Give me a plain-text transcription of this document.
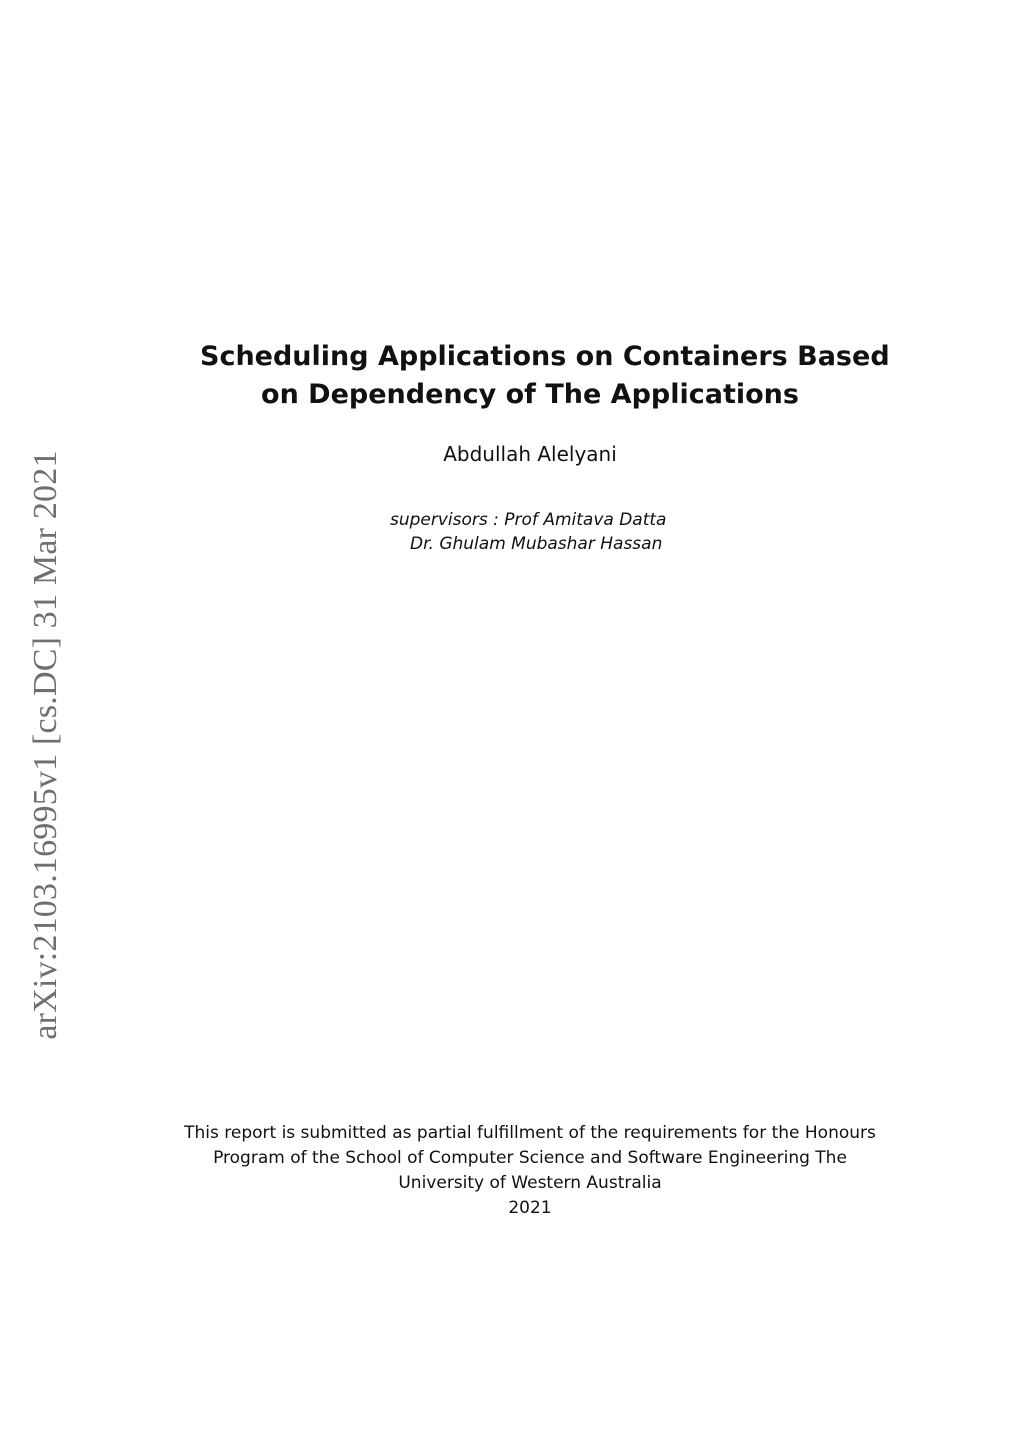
arXiv:2103.16995v1 [cs.DC] 31 Mar 2021
Scheduling Applications on Containers Based
on Dependency of The Applications
Abdullah Alelyani
supervisors : Prof Amitava Datta
Dr. Ghulam Mubashar Hassan
This report is submitted as partial fulfillment of the requirements for the Honours
Program of the School of Computer Science and Software Engineering The
University of Western Australia
2021
